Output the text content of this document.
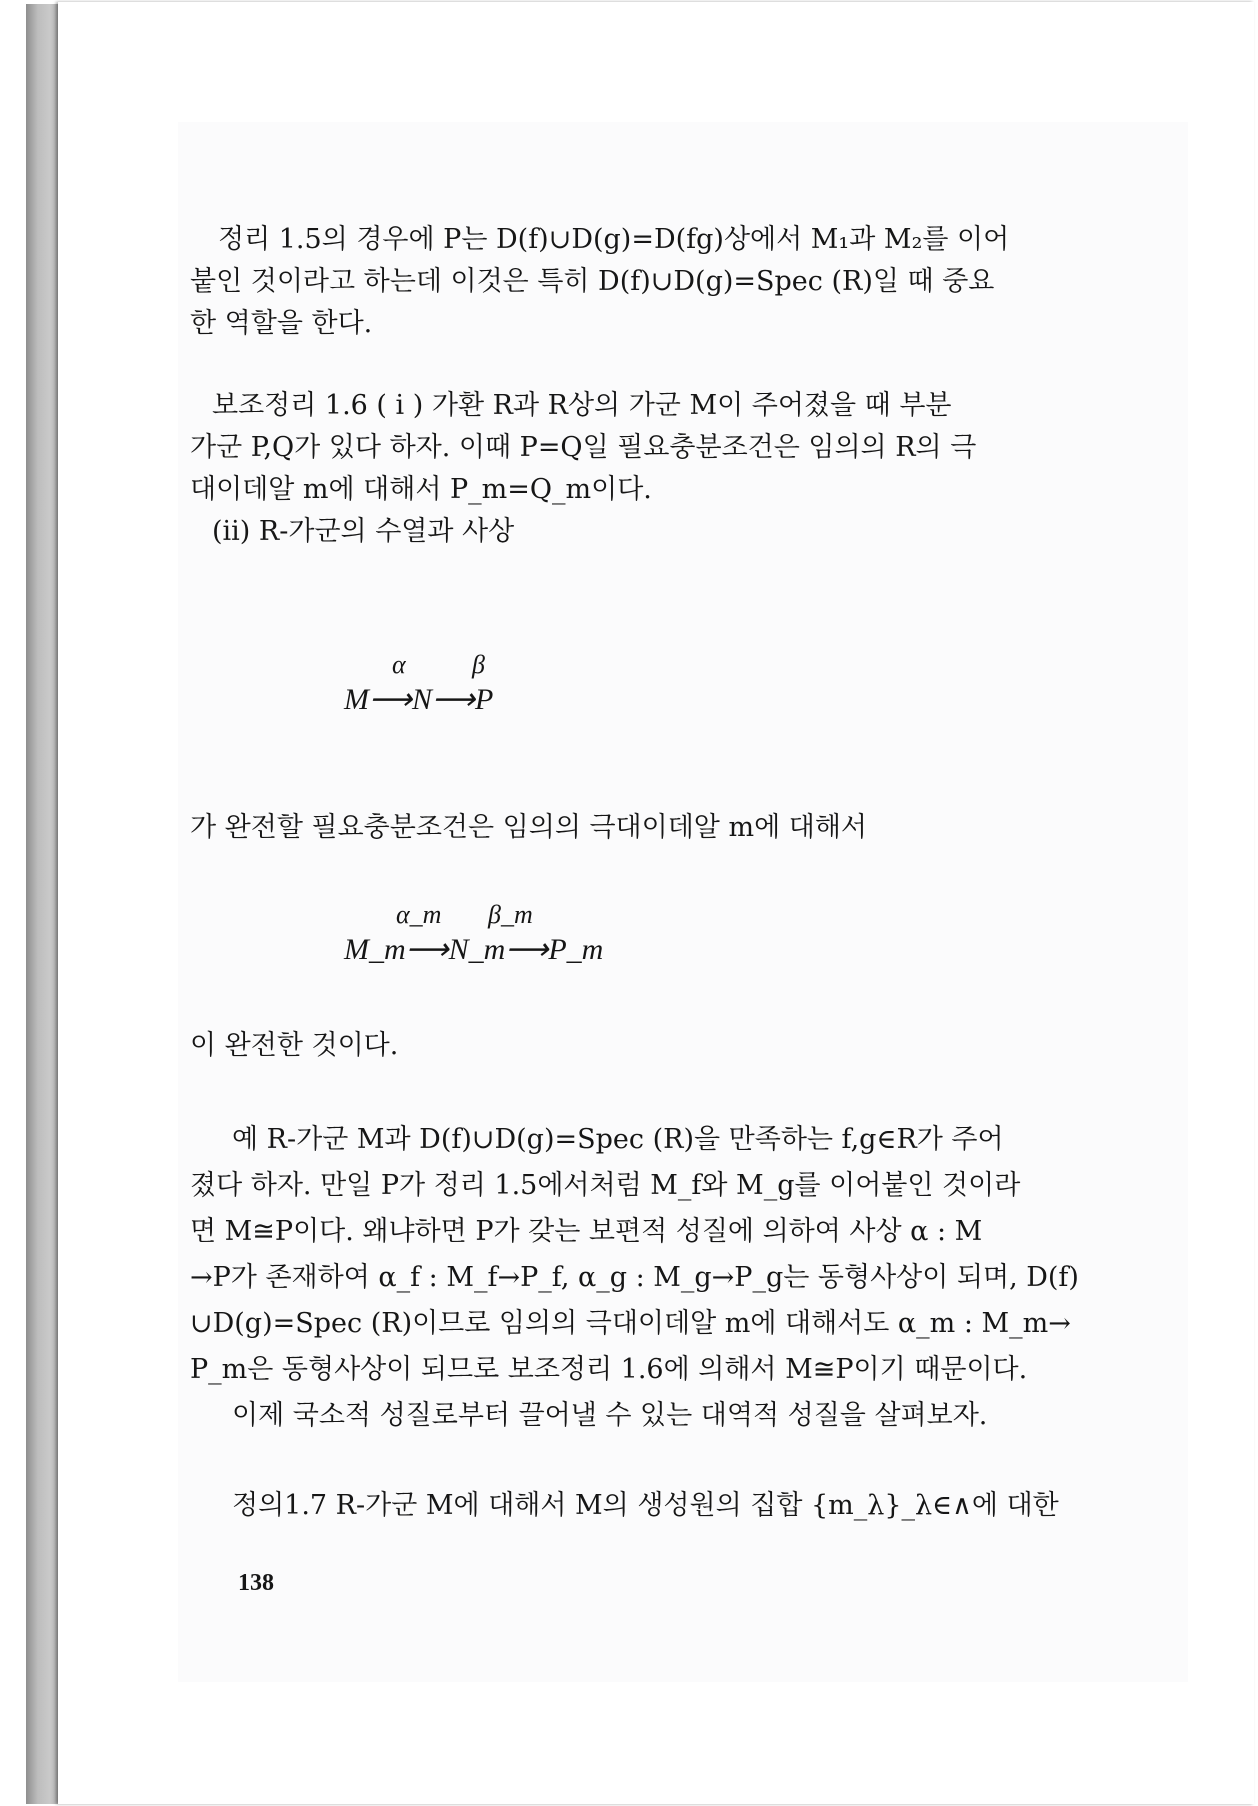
정리 1.5의 경우에 P는 D(f)∪D(g)=D(fg)상에서 M₁과 M₂를 이어
붙인 것이라고 하는데 이것은 특히 D(f)∪D(g)=Spec (R)일 때 중요
한 역할을 한다.
보조정리 1.6 ( i ) 가환 R과 R상의 가군 M이 주어졌을 때 부분
가군 P,Q가 있다 하자. 이때 P=Q일 필요충분조건은 임의의 R의 극
대이데알 m에 대해서 P_m=Q_m이다.
(ii) R-가군의 수열과 사상
α	β
M⟶N⟶P
가 완전할 필요충분조건은 임의의 극대이데알 m에 대해서
α_m β_m
M_m⟶N_m⟶P_m
이 완전한 것이다.
예 R-가군 M과 D(f)∪D(g)=Spec (R)을 만족하는 f,g∈R가 주어
졌다 하자. 만일 P가 정리 1.5에서처럼 M_f와 M_g를 이어붙인 것이라
면 M≅P이다. 왜냐하면 P가 갖는 보편적 성질에 의하여 사상 α : M
→P가 존재하여 α_f : M_f→P_f, α_g : M_g→P_g는 동형사상이 되며, D(f)
∪D(g)=Spec (R)이므로 임의의 극대이데알 m에 대해서도 α_m : M_m→
P_m은 동형사상이 되므로 보조정리 1.6에 의해서 M≅P이기 때문이다.
이제 국소적 성질로부터 끌어낼 수 있는 대역적 성질을 살펴보자.
정의1.7 R-가군 M에 대해서 M의 생성원의 집합 {m_λ}_λ∈∧에 대한
138
